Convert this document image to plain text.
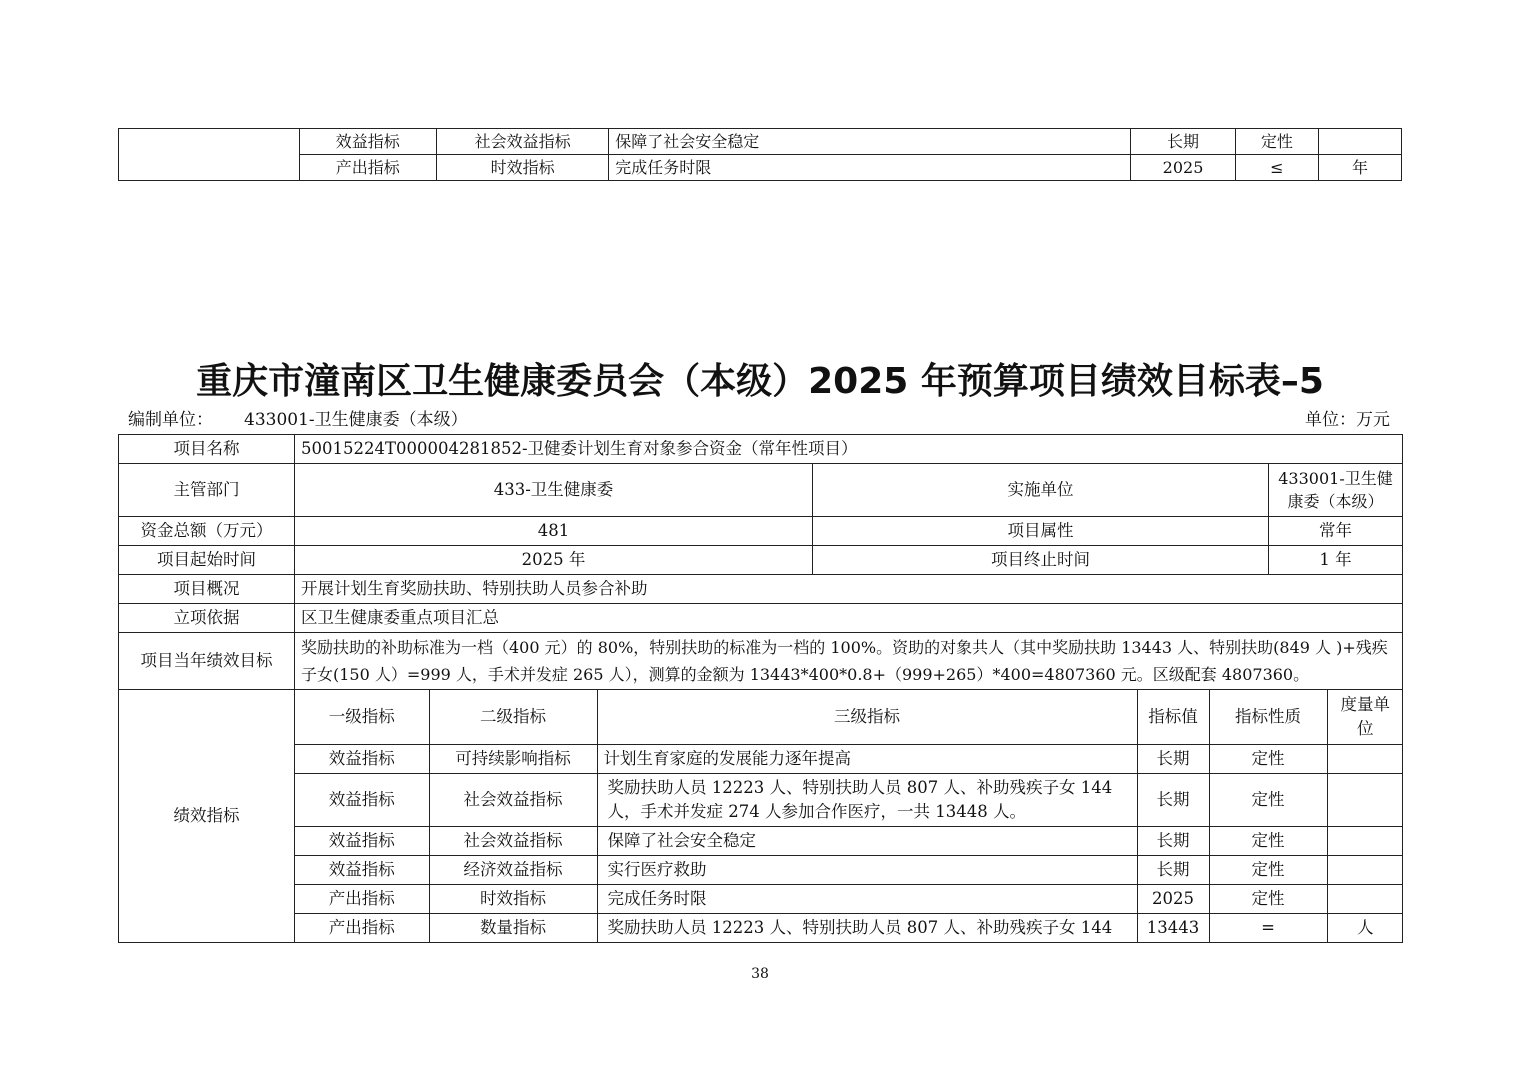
	效益指标	社会效益指标	保障了社会安全稳定	长期	定性	
	产出指标	时效指标	完成任务时限	2025	≤	年
重庆市潼南区卫生健康委员会（本级）2025 年预算项目绩效目标表–5
编制单位： 433001-卫生健康委（本级）	单位：万元
项目名称	50015224T000004281852-卫健委计划生育对象参合资金（常年性项目）
主管部门	433-卫生健康委	实施单位	433001-卫生健康委（本级）
资金总额（万元）	481	项目属性	常年
项目起始时间	2025 年	项目终止时间	1 年
项目概况	开展计划生育奖励扶助、特别扶助人员参合补助
立项依据	区卫生健康委重点项目汇总
项目当年绩效目标	奖励扶助的补助标准为一档（400 元）的 80%，特别扶助的标准为一档的 100%。资助的对象共人（其中奖励扶助 13443 人、特别扶助(849 人 )+残疾子女(150 人）=999 人，手术并发症 265 人），测算的金额为 13443*400*0.8+（999+265）*400=4807360 元。区级配套 4807360。
绩效指标	
一级指标	二级指标	三级指标	指标值	指标性质	度量单位
效益指标	可持续影响指标	计划生育家庭的发展能力逐年提高	长期	定性	
效益指标	社会效益指标	奖励扶助人员 12223 人、特别扶助人员 807 人、补助残疾子女 144 人，手术并发症 274 人参加合作医疗，一共 13448 人。	长期	定性	
效益指标	社会效益指标	保障了社会安全稳定	长期	定性	
效益指标	经济效益指标	实行医疗救助	长期	定性	
产出指标	时效指标	完成任务时限	2025	定性	
产出指标	数量指标	奖励扶助人员 12223 人、特别扶助人员 807 人、补助残疾子女 144	13443	=	人
38
